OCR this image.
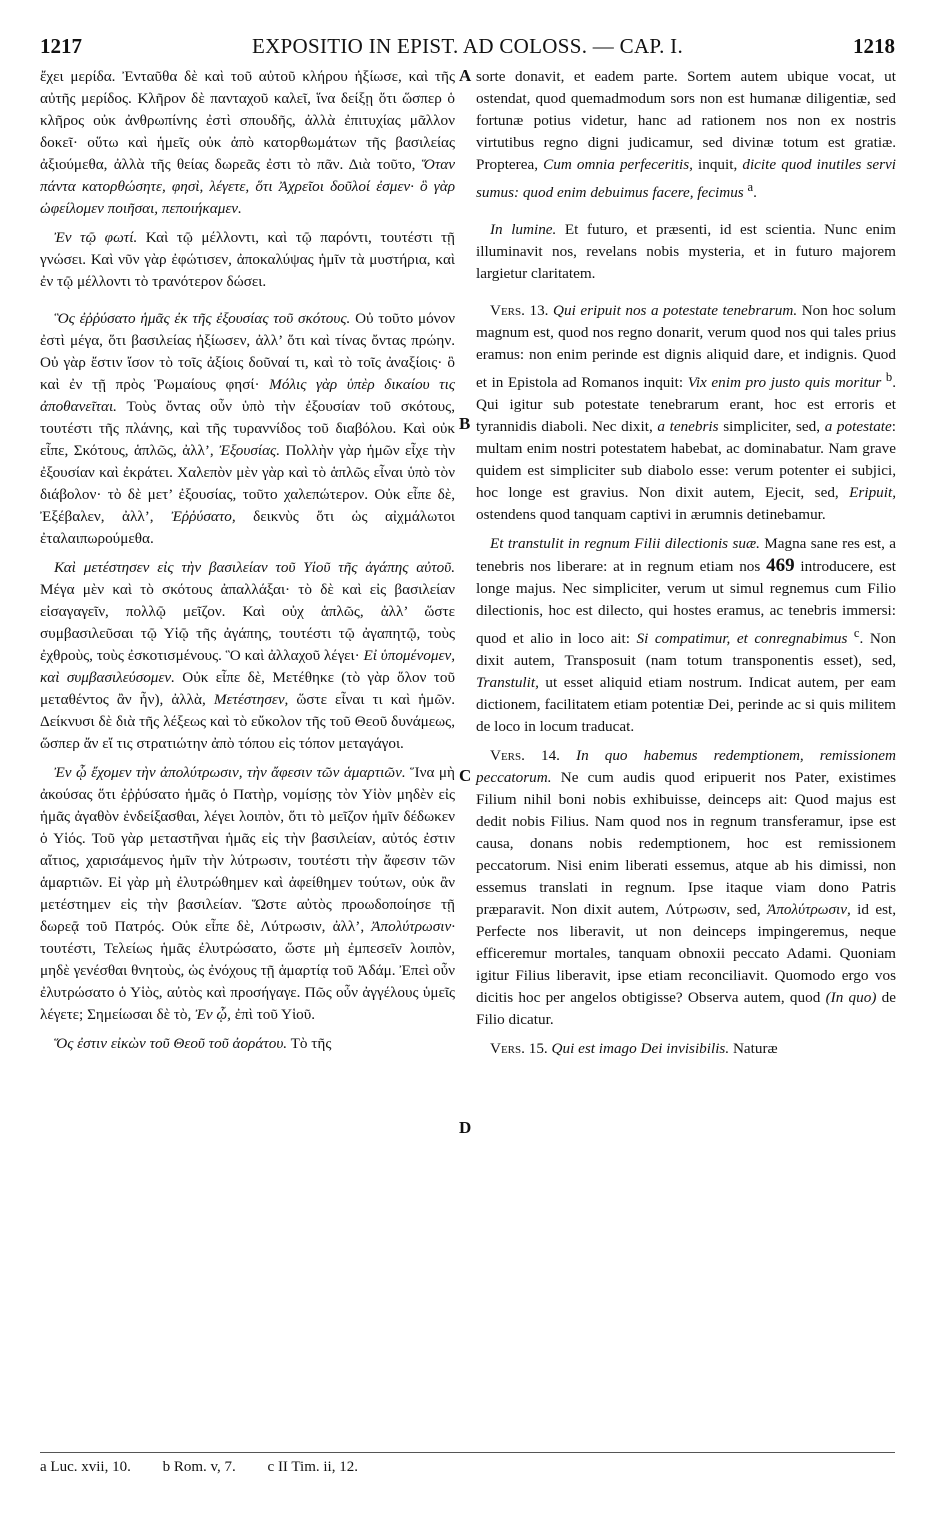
1217	EXPOSITIO IN EPIST. AD COLOSS. — CAP. I.	1218
A
B
C
D

ἔχει μερίδα. Ἐνταῦθα δὲ καὶ τοῦ αὐτοῦ κλήρου ἠξίωσε, καὶ τῆς αὐτῆς μερίδος. Κλῆρον δὲ πανταχοῦ καλεῖ, ἵνα δείξῃ ὅτι ὥσπερ ὁ κλῆρος οὐκ ἀνθρωπίνης ἐστὶ σπουδῆς, ἀλλὰ ἐπιτυχίας μᾶλλον δοκεῖ· οὕτω καὶ ἡμεῖς οὐκ ἀπὸ κατορθωμάτων τῆς βασιλείας ἀξιούμεθα, ἀλλὰ τῆς θείας δωρεᾶς ἐστι τὸ πᾶν. Διὰ τοῦτο, Ὅταν πάντα κατορθώσητε, φησὶ, λέγετε, ὅτι Ἀχρεῖοι δοῦλοί ἐσμεν· ὃ γὰρ ὠφείλομεν ποιῆσαι, πεποιήκαμεν.

Ἐν τῷ φωτί. Καὶ τῷ μέλλοντι, καὶ τῷ παρόντι, τουτέστι τῇ γνώσει. Καὶ νῦν γὰρ ἐφώτισεν, ἀποκαλύψας ἡμῖν τὰ μυστήρια, καὶ ἐν τῷ μέλλοντι τὸ τρανότερον δώσει.

Ὃς ἐῤῥύσατο ἡμᾶς ἐκ τῆς ἐξουσίας τοῦ σκότους. Οὐ τοῦτο μόνον ἐστὶ μέγα, ὅτι βασιλείας ἠξίωσεν, ἀλλ’ ὅτι καὶ τίνας ὄντας πρώην. Οὐ γὰρ ἔστιν ἴσον τὸ τοῖς ἀξίοις δοῦναί τι, καὶ τὸ τοῖς ἀναξίοις· ὃ καὶ ἐν τῇ πρὸς Ῥωμαίους φησί· Μόλις γὰρ ὑπὲρ δικαίου τις ἀποθανεῖται. Τοὺς ὄντας οὖν ὑπὸ τὴν ἐξουσίαν τοῦ σκότους, τουτέστι τῆς πλάνης, καὶ τῆς τυραννίδος τοῦ διαβόλου. Καὶ οὐκ εἶπε, Σκότους, ἁπλῶς, ἀλλ’, Ἐξουσίας. Πολλὴν γὰρ ἡμῶν εἶχε τὴν ἐξουσίαν καὶ ἐκράτει. Χαλεπὸν μὲν γὰρ καὶ τὸ ἁπλῶς εἶναι ὑπὸ τὸν διάβολον· τὸ δὲ μετ’ ἐξουσίας, τοῦτο χαλεπώτερον. Οὐκ εἶπε δὲ, Ἐξέβαλεν, ἀλλ’, Ἐῤῥύσατο, δεικνὺς ὅτι ὡς αἰχμάλωτοι ἐταλαιπωρούμεθα.

Καὶ μετέστησεν εἰς τὴν βασιλείαν τοῦ Υἱοῦ τῆς ἀγάπης αὐτοῦ. Μέγα μὲν καὶ τὸ σκότους ἀπαλλάξαι· τὸ δὲ καὶ εἰς βασιλείαν εἰσαγαγεῖν, πολλῷ μεῖζον. Καὶ οὐχ ἁπλῶς, ἀλλ’ ὥστε συμβασιλεῦσαι τῷ Υἱῷ τῆς ἀγάπης, τουτέστι τῷ ἀγαπητῷ, τοὺς ἐχθροὺς, τοὺς ἐσκοτισμένους. Ὃ καὶ ἀλλαχοῦ λέγει· Εἰ ὑπομένομεν, καὶ συμβασιλεύσομεν. Οὐκ εἶπε δὲ, Μετέθηκε (τὸ γὰρ ὅλον τοῦ μεταθέντος ἂν ἦν), ἀλλὰ, Μετέστησεν, ὥστε εἶναι τι καὶ ἡμῶν. Δείκνυσι δὲ διὰ τῆς λέξεως καὶ τὸ εὔκολον τῆς τοῦ Θεοῦ δυνάμεως, ὥσπερ ἄν εἴ τις στρατιώτην ἀπὸ τόπου εἰς τόπον μεταγάγοι.

Ἐν ᾧ ἔχομεν τὴν ἀπολύτρωσιν, τὴν ἄφεσιν τῶν ἁμαρτιῶν. Ἵνα μὴ ἀκούσας ὅτι ἐῤῥύσατο ἡμᾶς ὁ Πατὴρ, νομίσῃς τὸν Υἱὸν μηδὲν εἰς ἡμᾶς ἀγαθὸν ἐνδείξασθαι, λέγει λοιπὸν, ὅτι τὸ μεῖζον ἡμῖν δέδωκεν ὁ Υἱός. Τοῦ γὰρ μεταστῆναι ἡμᾶς εἰς τὴν βασιλείαν, αὐτός ἐστιν αἴτιος, χαρισάμενος ἡμῖν τὴν λύτρωσιν, τουτέστι τὴν ἄφεσιν τῶν ἁμαρτιῶν. Εἰ γὰρ μὴ ἐλυτρώθημεν καὶ ἀφείθημεν τούτων, οὐκ ἂν μετέστημεν εἰς τὴν βασιλείαν. Ὥστε αὐτὸς προωδοποίησε τῇ δωρεᾷ τοῦ Πατρός. Οὐκ εἶπε δὲ, Λύτρωσιν, ἀλλ’, Ἀπολύτρωσιν· τουτέστι, Τελείως ἡμᾶς ἐλυτρώσατο, ὥστε μὴ ἐμπεσεῖν λοιπὸν, μηδὲ γενέσθαι θνητοὺς, ὡς ἐνόχους τῇ ἁμαρτίᾳ τοῦ Ἀδάμ. Ἐπεὶ οὖν ἐλυτρώσατο ὁ Υἱὸς, αὐτὸς καὶ προσήγαγε. Πῶς οὖν ἀγγέλους ὑμεῖς λέγετε; Σημείωσαι δὲ τὸ, Ἐν ᾧ, ἐπὶ τοῦ Υἱοῦ.

Ὅς ἐστιν εἰκὼν τοῦ Θεοῦ τοῦ ἀοράτου. Τὸ τῆς

sorte donavit, et eadem parte. Sortem autem ubique vocat, ut ostendat, quod quemadmodum sors non est humanæ diligentiæ, sed fortunæ potius videtur, hanc ad rationem nos non ex nostris virtutibus regno digni judicamur, sed divinæ totum est gratiæ. Propterea, Cum omnia perfeceritis, inquit, dicite quod inutiles servi sumus: quod enim debuimus facere, fecimus $^a$.

In lumine. Et futuro, et præsenti, id est scientia. Nunc enim illuminavit nos, revelans nobis mysteria, et in futuro majorem largietur claritatem.

Vers. 13. Qui eripuit nos a potestate tenebrarum. Non hoc solum magnum est, quod nos regno donarit, verum quod nos qui tales prius eramus: non enim perinde est dignis aliquid dare, et indignis. Quod et in Epistola ad Romanos inquit: Vix enim pro justo quis moritur $^b$. Qui igitur sub potestate tenebrarum erant, hoc est erroris et tyrannidis diaboli. Nec dixit, a tenebris simpliciter, sed, a potestate: multam enim nostri potestatem habebat, ac dominabatur. Nam grave quidem est simpliciter sub diabolo esse: verum potenter ei subjici, hoc longe est gravius. Non dixit autem, Ejecit, sed, Eripuit, ostendens quod tanquam captivi in ærumnis detinebamur.

Et transtulit in regnum Filii dilectionis suæ. Magna sane res est, a tenebris nos liberare: at in regnum etiam nos 469 introducere, est longe majus. Nec simpliciter, verum ut simul regnemus cum Filio dilectionis, hoc est dilecto, qui hostes eramus, ac tenebris immersi: quod et alio in loco ait: Si compatimur, et conregnabimus $^c$. Non dixit autem, Transposuit (nam totum transponentis esset), sed, Transtulit, ut esset aliquid etiam nostrum. Indicat autem, per eam dictionem, facilitatem etiam potentiæ Dei, perinde ac si quis militem de loco in locum traducat.

Vers. 14. In quo habemus redemptionem, remissionem peccatorum. Ne cum audis quod eripuerit nos Pater, existimes Filium nihil boni nobis exhibuisse, deinceps ait: Quod majus est dedit nobis Filius. Nam quod nos in regnum transferamur, ipse est causa, donans nobis redemptionem, hoc est remissionem peccatorum. Nisi enim liberati essemus, atque ab his dimissi, non essemus translati in regnum. Ipse itaque viam dono Patris præparavit. Non dixit autem, Λύτρωσιν, sed, Ἀπολύτρωσιν, id est, Perfecte nos liberavit, ut non deinceps impingeremus, neque efficeremur mortales, tanquam obnoxii peccato Adami. Quoniam igitur Filius liberavit, ipse etiam reconciliavit. Quomodo ergo vos dicitis hoc per angelos obtigisse? Observa autem, quod (In quo) de Filio dicatur.

Vers. 15. Qui est imago Dei invisibilis. Naturæ

a Luc. xvii, 10. b Rom. v, 7. c II Tim. ii, 12.
